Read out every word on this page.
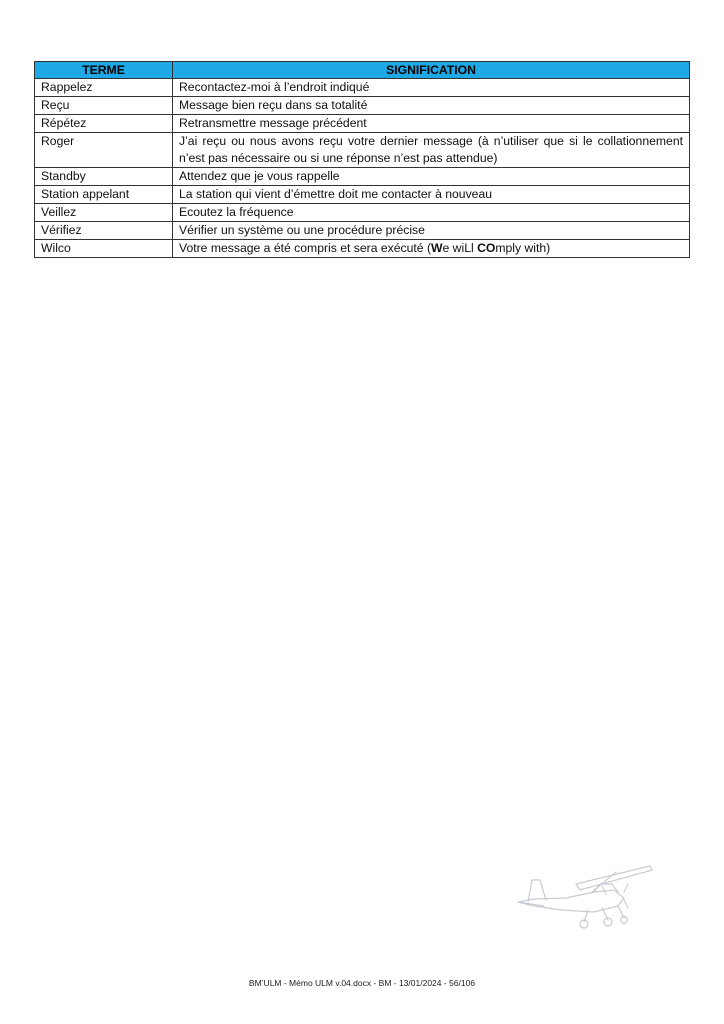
TERME	SIGNIFICATION
Rappelez	Recontactez-moi à l’endroit indiqué
Reçu	Message bien reçu dans sa totalité
Répétez	Retransmettre message précédent
Roger	J’ai reçu ou nous avons reçu votre dernier message (à n’utiliser que si le collationnement n’est pas nécessaire ou si une réponse n’est pas attendue)
Standby	Attendez que je vous rappelle
Station appelant	La station qui vient d’émettre doit me contacter à nouveau
Veillez	Ecoutez la fréquence
Vérifiez	Vérifier un système ou une procédure précise
Wilco	Votre message a été compris et sera exécuté (We wiLl COmply with)
BM’ULM - Mémo ULM v.04.docx - BM - 13/01/2024 - 56/106
